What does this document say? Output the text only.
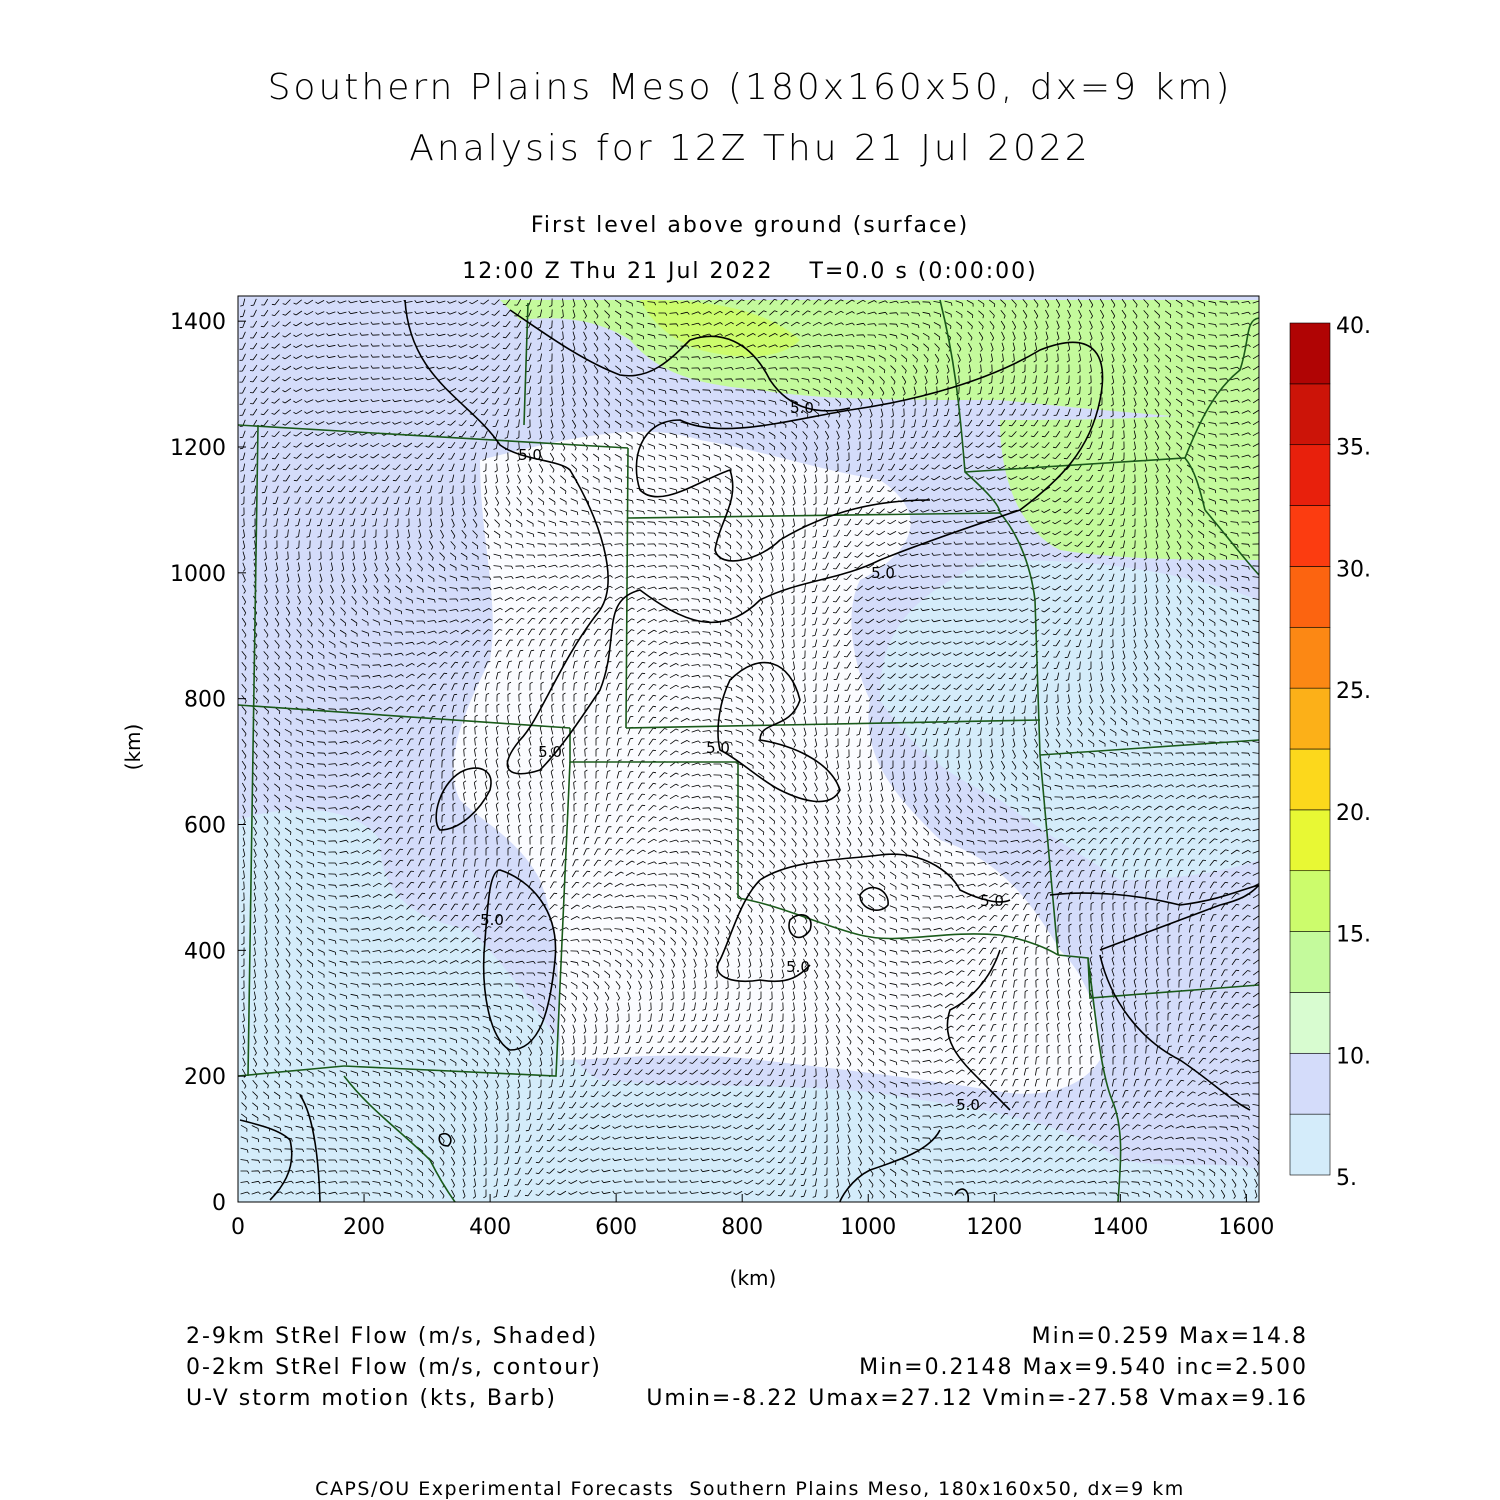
Southern Plains Meso (180x160x50, dx=9 km)
Analysis for 12Z Thu 21 Jul 2022
First level above ground (surface)
12:00 Z Thu 21 Jul 2022    T=0.0 s (0:00:00)
5.0
5.0
5.0
5.0	5.0
5.0
5.0
5.0
5.0
0	200	400	600	800	1000	1200	1400	1600
0
200
400
600
800
1000
1200
1400
(km)
(km)
5.
10.
15.
20.
25.
30.
35.
40.
2-9km StRel Flow (m/s, Shaded)	Min=0.259 Max=14.8
0-2km StRel Flow (m/s, contour)	Min=0.2148 Max=9.540 inc=2.500
U-V storm motion (kts, Barb)	Umin=-8.22 Umax=27.12 Vmin=-27.58 Vmax=9.16
CAPS/OU Experimental Forecasts  Southern Plains Meso, 180x160x50, dx=9 km
